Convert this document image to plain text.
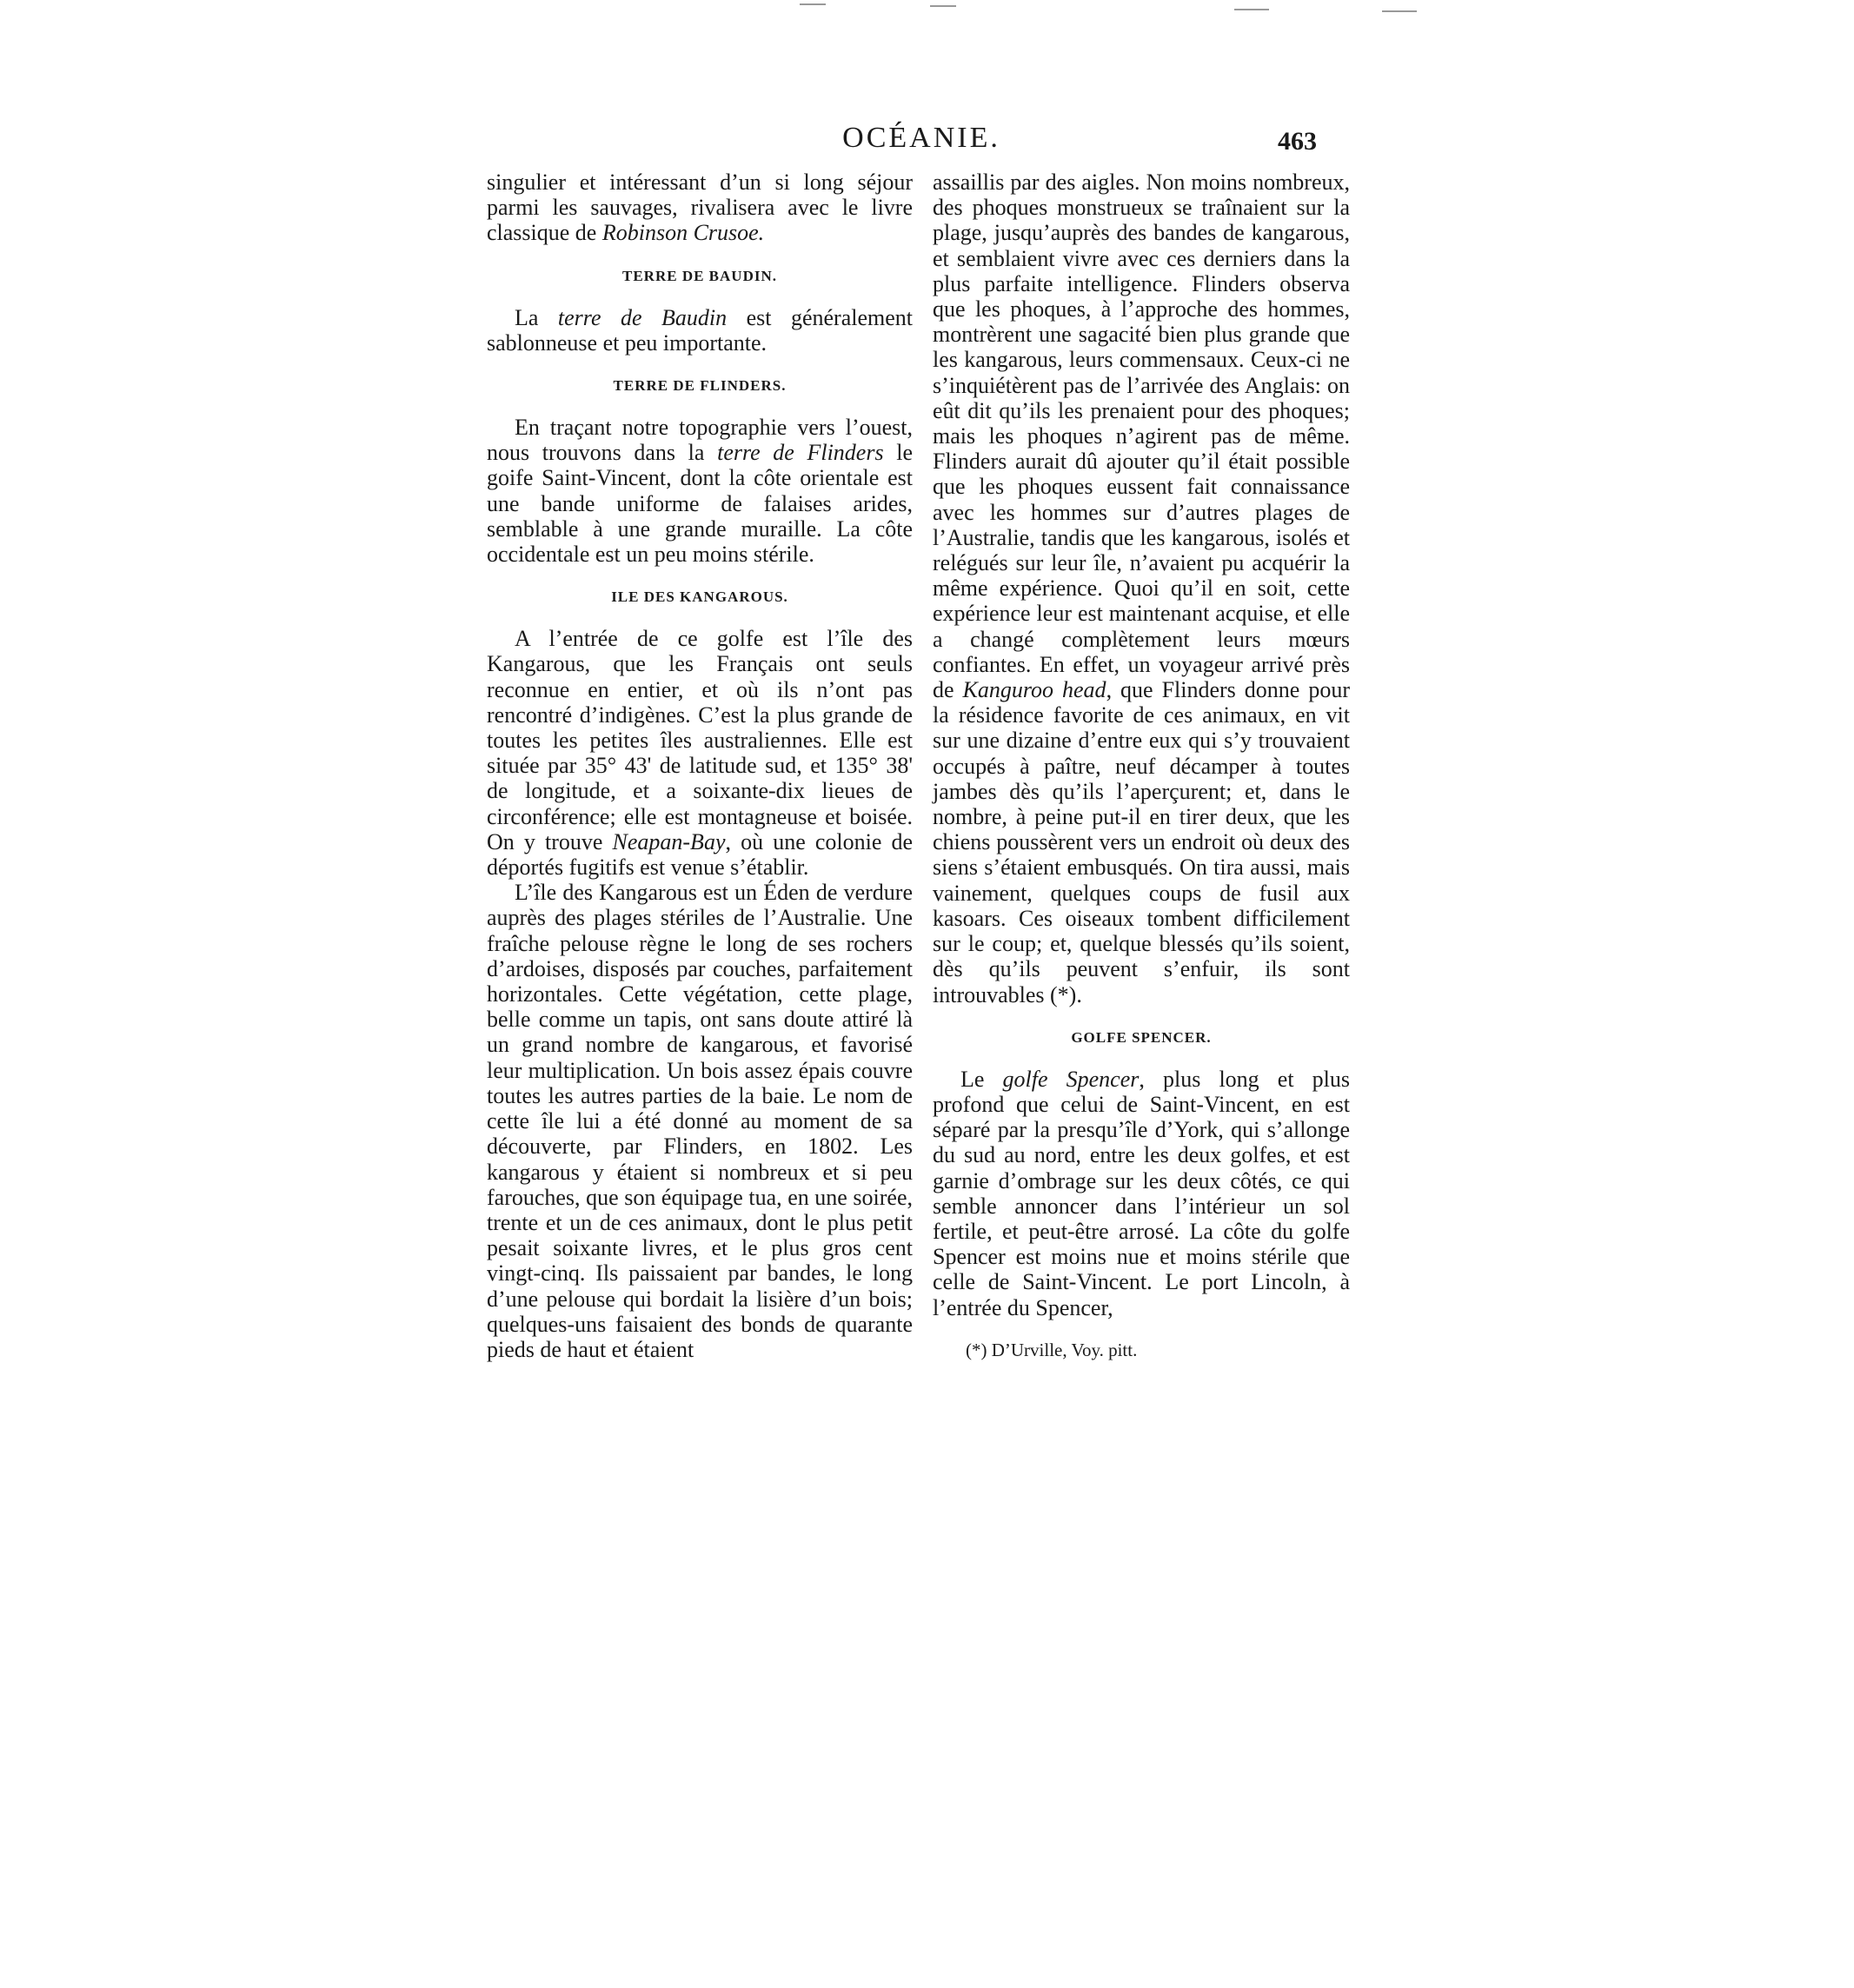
OCÉANIE.	463

singulier et intéressant d’un si long séjour parmi les sauvages, rivalisera avec le livre classique de Robinson Crusoe.

TERRE DE BAUDIN.

La terre de Baudin est généralement sablonneuse et peu importante.

TERRE DE FLINDERS.

En traçant notre topographie vers l’ouest, nous trouvons dans la terre de Flinders le goife Saint-Vincent, dont la côte orientale est une bande uniforme de falaises arides, semblable à une grande muraille. La côte occidentale est un peu moins stérile.

ILE DES KANGAROUS.

A l’entrée de ce golfe est l’île des Kangarous, que les Français ont seuls reconnue en entier, et où ils n’ont pas rencontré d’indigènes. C’est la plus grande de toutes les petites îles australiennes. Elle est située par 35° 43' de latitude sud, et 135° 38' de longitude, et a soixante-dix lieues de circonférence; elle est montagneuse et boisée. On y trouve Neapan-Bay, où une colonie de déportés fugitifs est venue s’établir.

L’île des Kangarous est un Éden de verdure auprès des plages stériles de l’Australie. Une fraîche pelouse règne le long de ses rochers d’ardoises, disposés par couches, parfaitement horizontales. Cette végétation, cette plage, belle comme un tapis, ont sans doute attiré là un grand nombre de kangarous, et favorisé leur multiplication. Un bois assez épais couvre toutes les autres parties de la baie. Le nom de cette île lui a été donné au moment de sa découverte, par Flinders, en 1802. Les kangarous y étaient si nombreux et si peu farouches, que son équipage tua, en une soirée, trente et un de ces animaux, dont le plus petit pesait soixante livres, et le plus gros cent vingt-cinq. Ils paissaient par bandes, le long d’une pelouse qui bordait la lisière d’un bois; quelques-uns faisaient des bonds de quarante pieds de haut et étaient

assaillis par des aigles. Non moins nombreux, des phoques monstrueux se traînaient sur la plage, jusqu’auprès des bandes de kangarous, et semblaient vivre avec ces derniers dans la plus parfaite intelligence. Flinders observa que les phoques, à l’approche des hommes, montrèrent une sagacité bien plus grande que les kangarous, leurs commensaux. Ceux-ci ne s’inquiétèrent pas de l’arrivée des Anglais: on eût dit qu’ils les prenaient pour des phoques; mais les phoques n’agirent pas de même. Flinders aurait dû ajouter qu’il était possible que les phoques eussent fait connaissance avec les hommes sur d’autres plages de l’Australie, tandis que les kangarous, isolés et relégués sur leur île, n’avaient pu acquérir la même expérience. Quoi qu’il en soit, cette expérience leur est maintenant acquise, et elle a changé complètement leurs mœurs confiantes. En effet, un voyageur arrivé près de Kanguroo head, que Flinders donne pour la résidence favorite de ces animaux, en vit sur une dizaine d’entre eux qui s’y trouvaient occupés à paître, neuf décamper à toutes jambes dès qu’ils l’aperçurent; et, dans le nombre, à peine put-il en tirer deux, que les chiens poussèrent vers un endroit où deux des siens s’étaient embusqués. On tira aussi, mais vainement, quelques coups de fusil aux kasoars. Ces oiseaux tombent difficilement sur le coup; et, quelque blessés qu’ils soient, dès qu’ils peuvent s’enfuir, ils sont introuvables (*).

GOLFE SPENCER.

Le golfe Spencer, plus long et plus profond que celui de Saint-Vincent, en est séparé par la presqu’île d’York, qui s’allonge du sud au nord, entre les deux golfes, et est garnie d’ombrage sur les deux côtés, ce qui semble annoncer dans l’intérieur un sol fertile, et peut-être arrosé. La côte du golfe Spencer est moins nue et moins stérile que celle de Saint-Vincent. Le port Lincoln, à l’entrée du Spencer,

(*) D’Urville, Voy. pitt.
